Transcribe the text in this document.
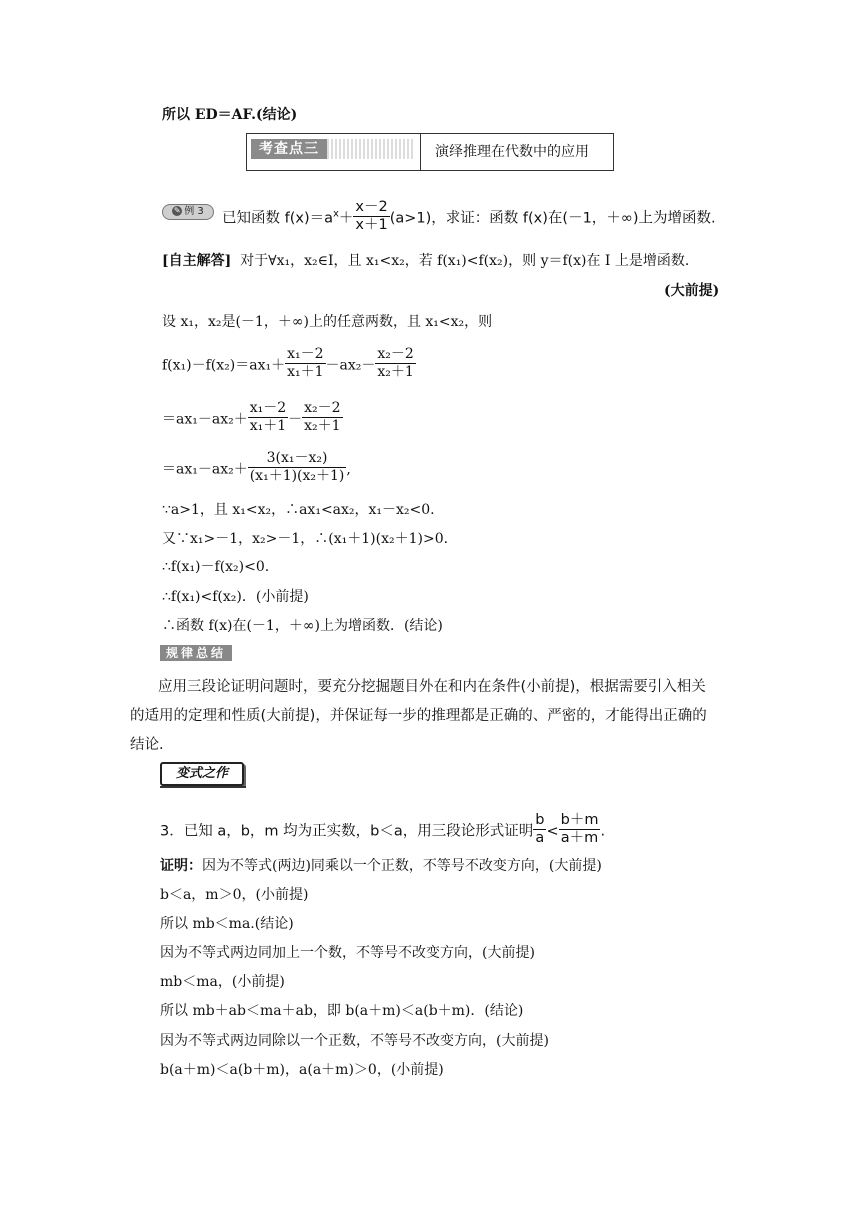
所以 ED＝AF.(结论)
考查点三	演绎推理在代数中的应用
✎ 例 3	已知函数 $f(x)=a^x+ \frac{x-2}{x+1} (a>1)$，求证：函数 f(x)在(－1，＋∞)上为增函数.
[自主解答] 对于∀x₁，x₂∈I，且 x₁<x₂，若 f(x₁)<f(x₂)，则 y＝f(x)在 I 上是增函数.
(大前提)
设 x₁，x₂是(－1，＋∞)上的任意两数，且 x₁<x₂，则
$f(x_1)-f(x_2)=ax_1+ \frac{\text{x₁－2}}{\text{x₁＋1}} -ax_2- \frac{\text{x₂－2}}{\text{x₂＋1}}$
$=ax_1-ax_2+ \frac{\text{x₁－2}}{\text{x₁＋1}} - \frac{\text{x₂－2}}{\text{x₂＋1}}$
$=ax_1-ax_2+ \frac{\text{3(x₁－x₂)}}{\text{(x₁＋1)(x₂＋1)}}$ ,
∵a>1，且 x₁<x₂，∴ax₁<ax₂，x₁－x₂<0.
又∵x₁>－1，x₂>－1，∴(x₁＋1)(x₂＋1)>0.
∴f(x₁)－f(x₂)<0.
∴f(x₁)<f(x₂)．(小前提)
∴函数 f(x)在(－1，＋∞)上为增函数．(结论)
规律总结
应用三段论证明问题时，要充分挖掘题目外在和内在条件(小前提)，根据需要引入相关
的适用的定理和性质(大前提)，并保证每一步的推理都是正确的、严密的，才能得出正确的
结论.
变式之作
3．已知 a，b，m 均为正实数，b＜a，用三段论形式证明 $\frac{b}{a} < \frac{b+m}{a+m}$ .
证明：因为不等式(两边)同乘以一个正数，不等号不改变方向，(大前提)
b＜a，m＞0，(小前提)
所以 mb＜ma.(结论)
因为不等式两边同加上一个数，不等号不改变方向，(大前提)
mb＜ma，(小前提)
所以 mb＋ab＜ma＋ab，即 b(a＋m)＜a(b＋m)．(结论)
因为不等式两边同除以一个正数，不等号不改变方向，(大前提)
b(a＋m)＜a(b＋m)，a(a＋m)＞0，(小前提)
